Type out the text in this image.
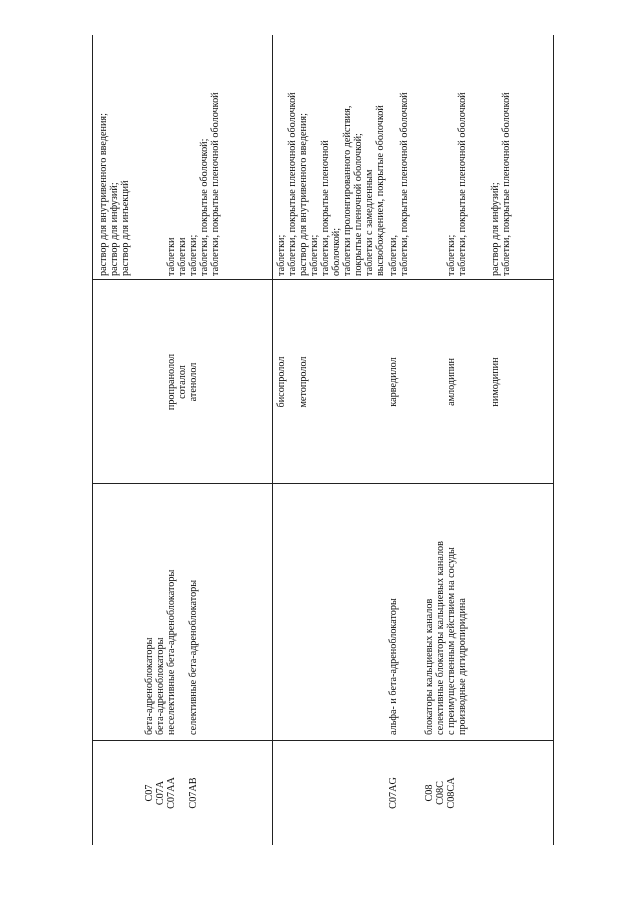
раствор для внутривенного введения; раствор для инфузий; раствор для инъекций
C07 C07A C07AA
бета-адреноблокаторы бета-адреноблокаторы неселективные бета-адреноблокаторы
пропранолол соталол
таблетки таблетки
C07AB
селективные бета-адреноблокаторы
атенолол
таблетки; таблетки, покрытые оболочкой; таблетки, покрытые пленочной оболочкой
бисопролол
таблетки; таблетки, покрытые пленочной оболочкой
метопролол
раствор для внутривенного введения; таблетки; таблетки, покрытые пленочной оболочкой; таблетки пролонгированного действия, покрытые пленочной оболочкой; таблетки с замедленным высвобождением, покрытые оболочкой
C07AG
альфа- и бета-адреноблокаторы
карведилол
таблетки, таблетки, покрытые пленочной оболочкой
C08 C08C C08CA
блокаторы кальциевых каналов селективные блокаторы кальциевых каналов с преимущественным действием на сосуды производные дигидропиридина
амлодипин
таблетки; таблетки, покрытые пленочной оболочкой
нимодипин
раствор для инфузий; таблетки, покрытые пленочной оболочкой
